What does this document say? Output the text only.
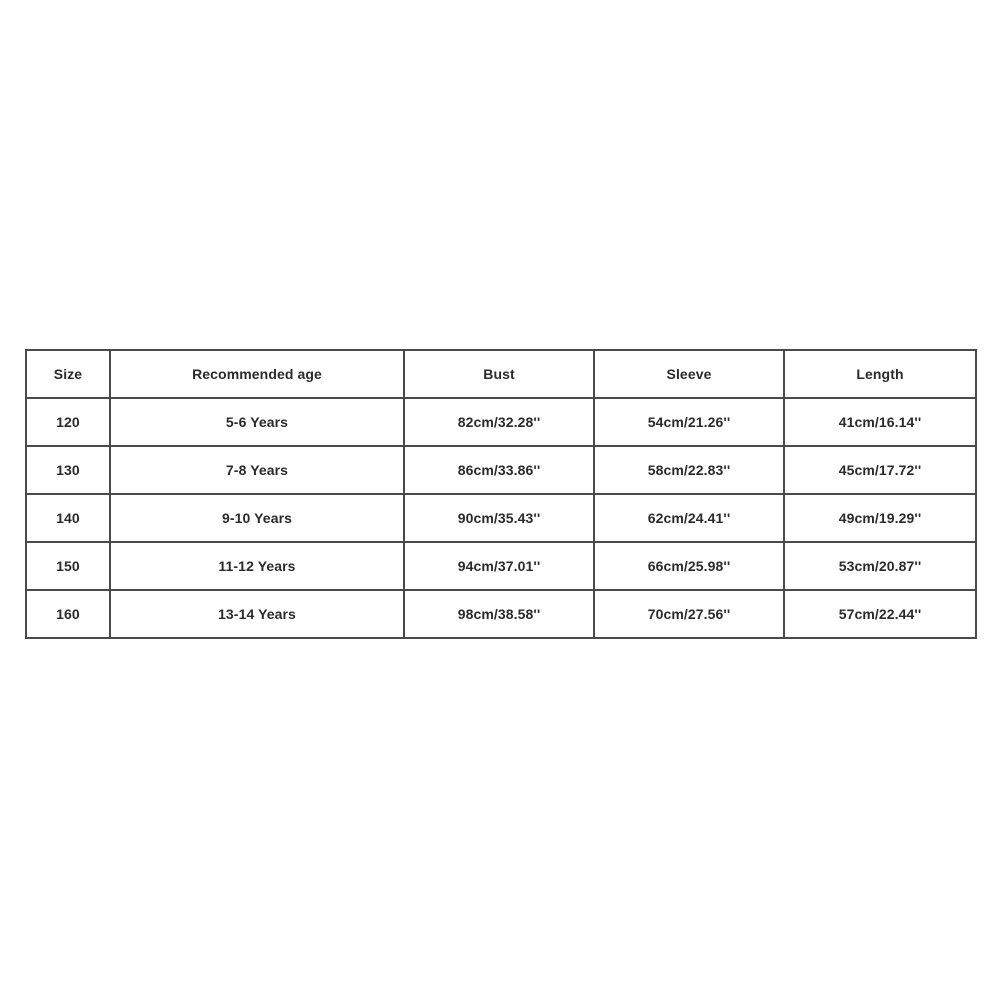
Size	Recommended age	Bust	Sleeve	Length
120	5-6 Years	82cm/32.28''	54cm/21.26''	41cm/16.14''
130	7-8 Years	86cm/33.86''	58cm/22.83''	45cm/17.72''
140	9-10 Years	90cm/35.43''	62cm/24.41''	49cm/19.29''
150	11-12 Years	94cm/37.01''	66cm/25.98''	53cm/20.87''
160	13-14 Years	98cm/38.58''	70cm/27.56''	57cm/22.44''
